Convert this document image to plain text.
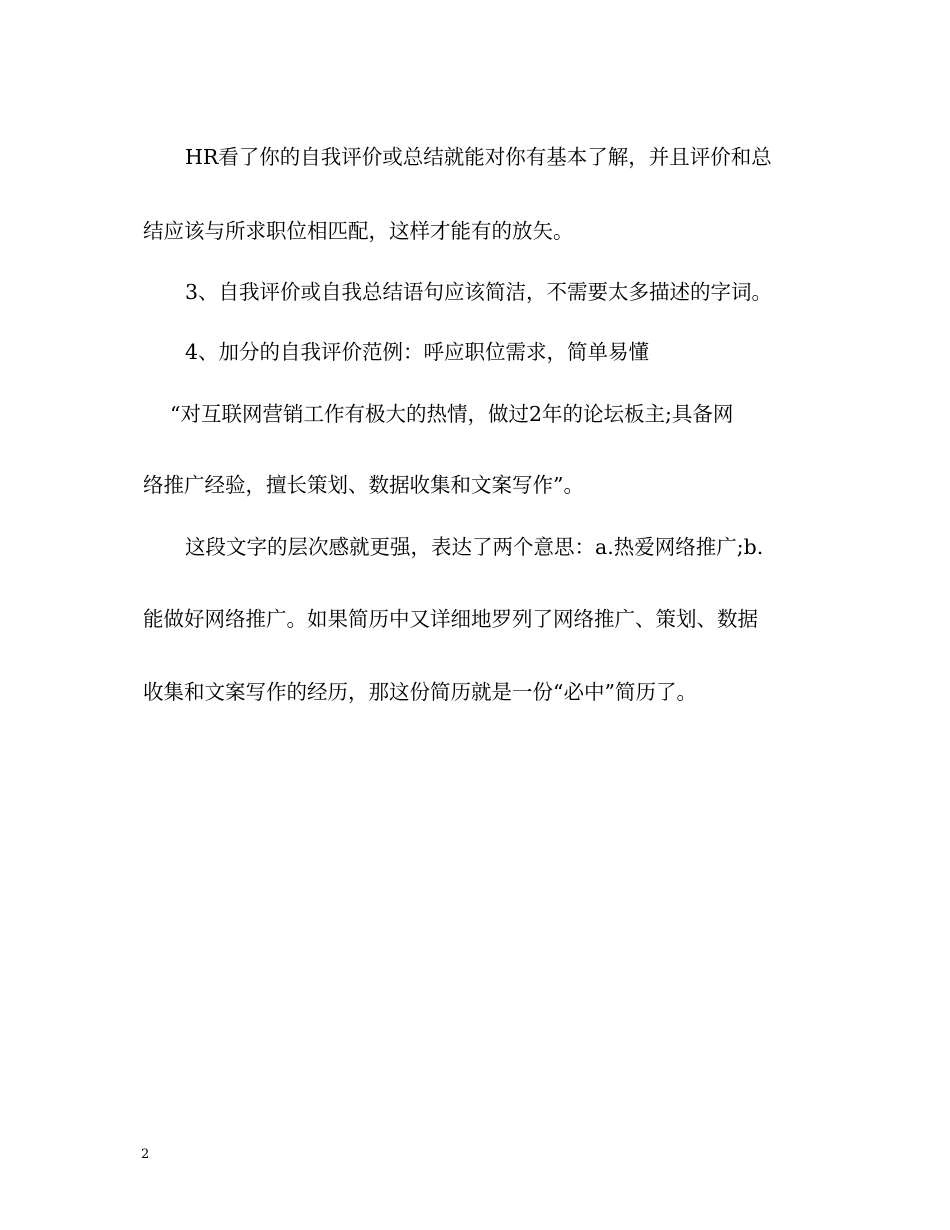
HR看了你的自我评价或总结就能对你有基本了解，并且评价和总
结应该与所求职位相匹配，这样才能有的放矢。
3、自我评价或自我总结语句应该简洁，不需要太多描述的字词。
4、加分的自我评价范例：呼应职位需求，简单易懂
“对互联网营销工作有极大的热情，做过2年的论坛板主;具备网
络推广经验，擅长策划、数据收集和文案写作”。
这段文字的层次感就更强，表达了两个意思：a.热爱网络推广;b.
能做好网络推广。如果简历中又详细地罗列了网络推广、策划、数据
收集和文案写作的经历，那这份简历就是一份“必中”简历了。
2
